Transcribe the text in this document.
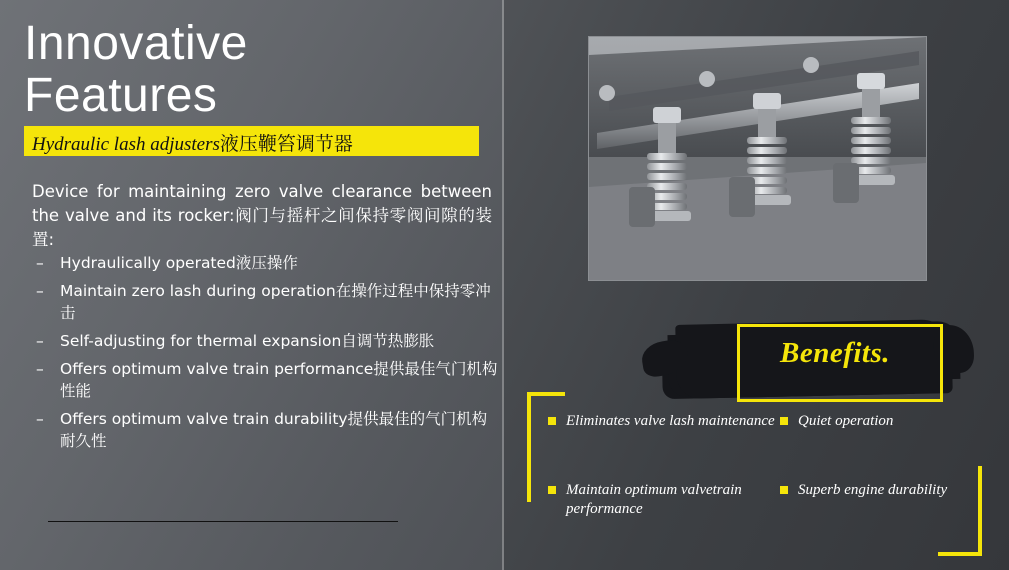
Innovative
Features
Hydraulic lash adjusters液压鞭笞调节器
Device for maintaining zero valve clearance between the valve and its rocker:阀门与摇杆之间保持零阀间隙的装置:
– Hydraulically operated液压操作
– Maintain zero lash during operation在操作过程中保持零冲击
– Self-adjusting for thermal expansion自调节热膨胀
– Offers optimum valve train performance提供最佳气门机构性能
– Offers optimum valve train durability提供最佳的气门机构耐久性
Benefits.
Eliminates valve lash maintenance	Quiet operation
Maintain optimum valvetrain performance
Superb engine durability
